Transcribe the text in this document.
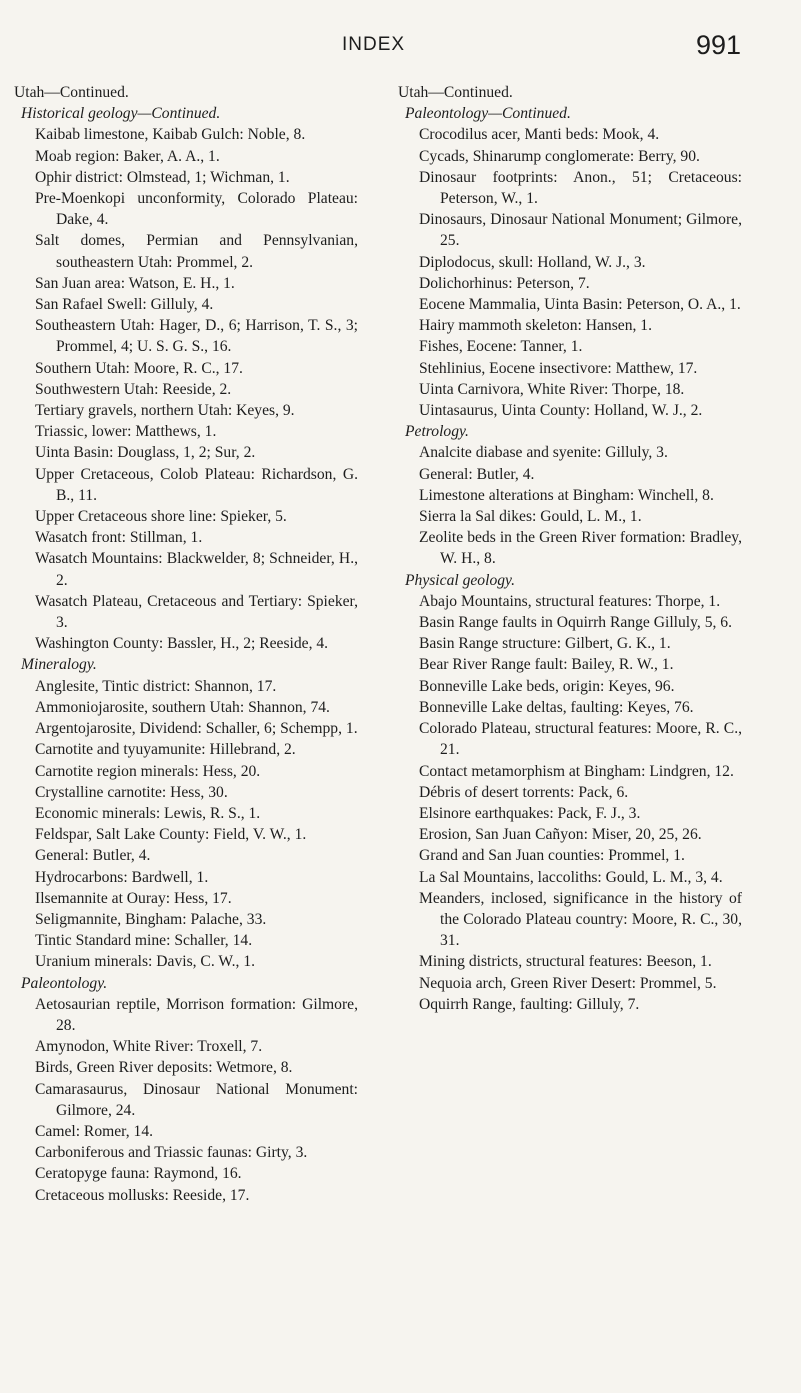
INDEX	991
Utah—Continued.
Historical geology—Continued.
Kaibab limestone, Kaibab Gulch: Noble, 8.
Moab region: Baker, A. A., 1.
Ophir district: Olmstead, 1; Wichman, 1.
Pre-Moenkopi unconformity, Colorado Plateau: Dake, 4.
Salt domes, Permian and Pennsylvanian, southeastern Utah: Prommel, 2.
San Juan area: Watson, E. H., 1.
San Rafael Swell: Gilluly, 4.
Southeastern Utah: Hager, D., 6; Harrison, T. S., 3; Prommel, 4; U. S. G. S., 16.
Southern Utah: Moore, R. C., 17.
Southwestern Utah: Reeside, 2.
Tertiary gravels, northern Utah: Keyes, 9.
Triassic, lower: Matthews, 1.
Uinta Basin: Douglass, 1, 2; Sur, 2.
Upper Cretaceous, Colob Plateau: Richardson, G. B., 11.
Upper Cretaceous shore line: Spieker, 5.
Wasatch front: Stillman, 1.
Wasatch Mountains: Blackwelder, 8; Schneider, H., 2.
Wasatch Plateau, Cretaceous and Tertiary: Spieker, 3.
Washington County: Bassler, H., 2; Reeside, 4.
Mineralogy.
Anglesite, Tintic district: Shannon, 17.
Ammoniojarosite, southern Utah: Shannon, 74.
Argentojarosite, Dividend: Schaller, 6; Schempp, 1.
Carnotite and tyuyamunite: Hillebrand, 2.
Carnotite region minerals: Hess, 20.
Crystalline carnotite: Hess, 30.
Economic minerals: Lewis, R. S., 1.
Feldspar, Salt Lake County: Field, V. W., 1.
General: Butler, 4.
Hydrocarbons: Bardwell, 1.
Ilsemannite at Ouray: Hess, 17.
Seligmannite, Bingham: Palache, 33.
Tintic Standard mine: Schaller, 14.
Uranium minerals: Davis, C. W., 1.
Paleontology.
Aetosaurian reptile, Morrison formation: Gilmore, 28.
Amynodon, White River: Troxell, 7.
Birds, Green River deposits: Wetmore, 8.
Camarasaurus, Dinosaur National Monument: Gilmore, 24.
Camel: Romer, 14.
Carboniferous and Triassic faunas: Girty, 3.
Ceratopyge fauna: Raymond, 16.
Cretaceous mollusks: Reeside, 17.
Utah—Continued.
Paleontology—Continued.
Crocodilus acer, Manti beds: Mook, 4.
Cycads, Shinarump conglomerate: Berry, 90.
Dinosaur footprints: Anon., 51; Cretaceous: Peterson, W., 1.
Dinosaurs, Dinosaur National Monument; Gilmore, 25.
Diplodocus, skull: Holland, W. J., 3.
Dolichorhinus: Peterson, 7.
Eocene Mammalia, Uinta Basin: Peterson, O. A., 1.
Hairy mammoth skeleton: Hansen, 1.
Fishes, Eocene: Tanner, 1.
Stehlinius, Eocene insectivore: Matthew, 17.
Uinta Carnivora, White River: Thorpe, 18.
Uintasaurus, Uinta County: Holland, W. J., 2.
Petrology.
Analcite diabase and syenite: Gilluly, 3.
General: Butler, 4.
Limestone alterations at Bingham: Winchell, 8.
Sierra la Sal dikes: Gould, L. M., 1.
Zeolite beds in the Green River formation: Bradley, W. H., 8.
Physical geology.
Abajo Mountains, structural features: Thorpe, 1.
Basin Range faults in Oquirrh Range Gilluly, 5, 6.
Basin Range structure: Gilbert, G. K., 1.
Bear River Range fault: Bailey, R. W., 1.
Bonneville Lake beds, origin: Keyes, 96.
Bonneville Lake deltas, faulting: Keyes, 76.
Colorado Plateau, structural features: Moore, R. C., 21.
Contact metamorphism at Bingham: Lindgren, 12.
Débris of desert torrents: Pack, 6.
Elsinore earthquakes: Pack, F. J., 3.
Erosion, San Juan Cañyon: Miser, 20, 25, 26.
Grand and San Juan counties: Prommel, 1.
La Sal Mountains, laccoliths: Gould, L. M., 3, 4.
Meanders, inclosed, significance in the history of the Colorado Plateau country: Moore, R. C., 30, 31.
Mining districts, structural features: Beeson, 1.
Nequoia arch, Green River Desert: Prommel, 5.
Oquirrh Range, faulting: Gilluly, 7.
